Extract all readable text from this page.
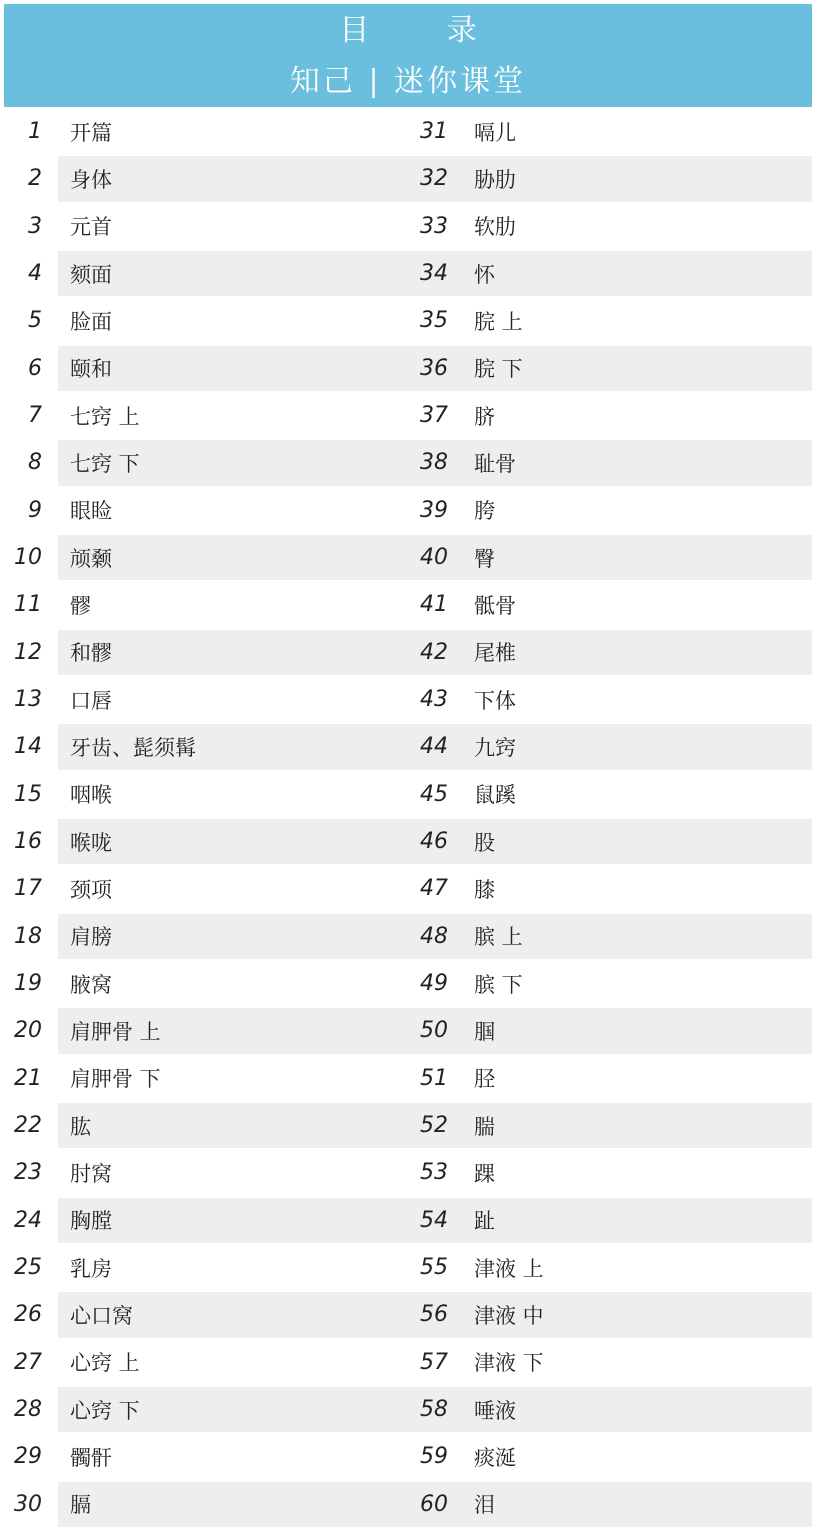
目 录
知己 | 迷你课堂
1 开篇	31 嗝儿
2 身体	32 胁肋
3 元首	33 软肋
4 颏面	34 怀
5 脸面	35 脘 上
6 颐和	36 脘 下
7 七窍 上	37 脐
8 七窍 下	38 耻骨
9 眼睑	39 胯
10 颃颡	40 臀
11 髎	41 骶骨
12 和髎	42 尾椎
13 口唇	43 下体
14 牙齿、髭须髯	44 九窍
15 咽喉	45 鼠蹊
16 喉咙	46 股
17 颈项	47 膝
18 肩膀	48 膑 上
19 腋窝	49 膑 下
20 肩胛骨 上	50 腘
21 肩胛骨 下	51 胫
22 肱	52 腨
23 肘窝	53 踝
24 胸膛	54 趾
25 乳房	55 津液 上
26 心口窝	56 津液 中
27 心窍 上	57 津液 下
28 心窍 下	58 唾液
29 髑骭	59 痰涎
30 膈	60 泪
